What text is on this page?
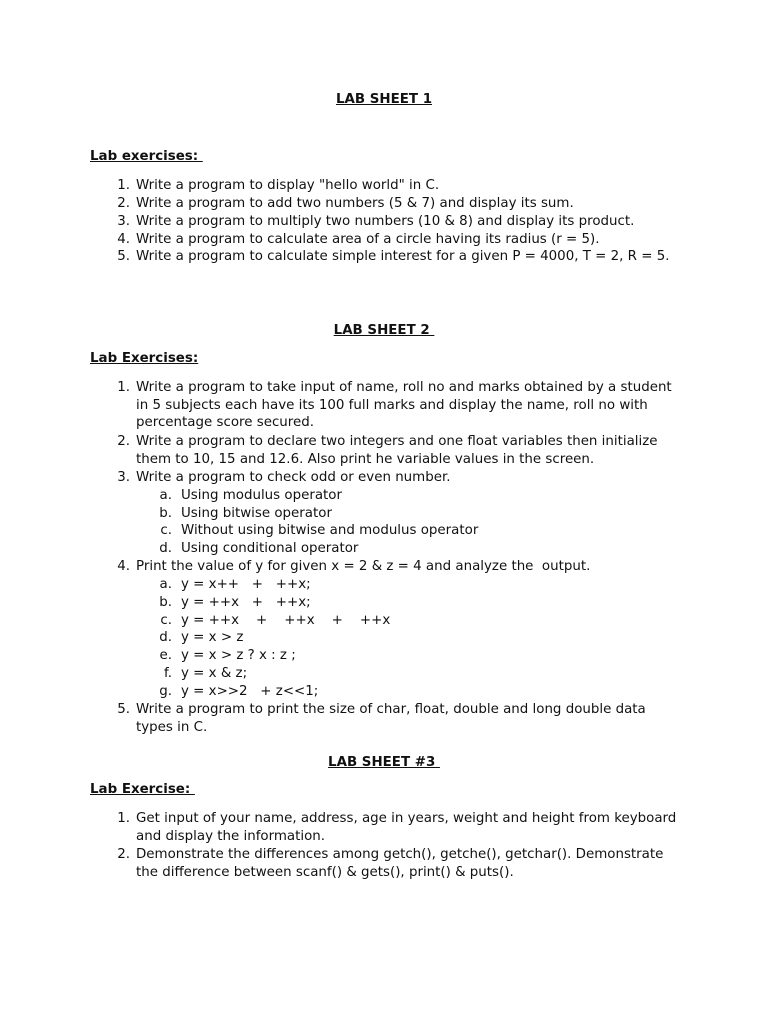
LAB SHEET 1
Lab exercises:
1. Write a program to display "hello world" in C.
2. Write a program to add two numbers (5 & 7) and display its sum.
3. Write a program to multiply two numbers (10 & 8) and display its product.
4. Write a program to calculate area of a circle having its radius (r = 5).
5. Write a program to calculate simple interest for a given P = 4000, T = 2, R = 5.
LAB SHEET 2
Lab Exercises:
1. Write a program to take input of name, roll no and marks obtained by a student in 5 subjects each have its 100 full marks and display the name, roll no with percentage score secured.
2. Write a program to declare two integers and one float variables then initialize them to 10, 15 and 12.6. Also print he variable values in the screen.
3. Write a program to check odd or even number.
a. Using modulus operator
b. Using bitwise operator
c. Without using bitwise and modulus operator
d. Using conditional operator
4. Print the value of y for given x = 2 & z = 4 and analyze the  output.
a. y = x++   +   ++x;
b. y = ++x   +   ++x;
c. y = ++x    +    ++x    +    ++x
d. y = x > z
e. y = x > z ? x : z ;
f. y = x & z;
g. y = x>>2   + z<<1;
5. Write a program to print the size of char, float, double and long double data types in C.
LAB SHEET #3
Lab Exercise:
1. Get input of your name, address, age in years, weight and height from keyboard and display the information.
2. Demonstrate the differences among getch(), getche(), getchar(). Demonstrate the difference between scanf() & gets(), print() & puts().
